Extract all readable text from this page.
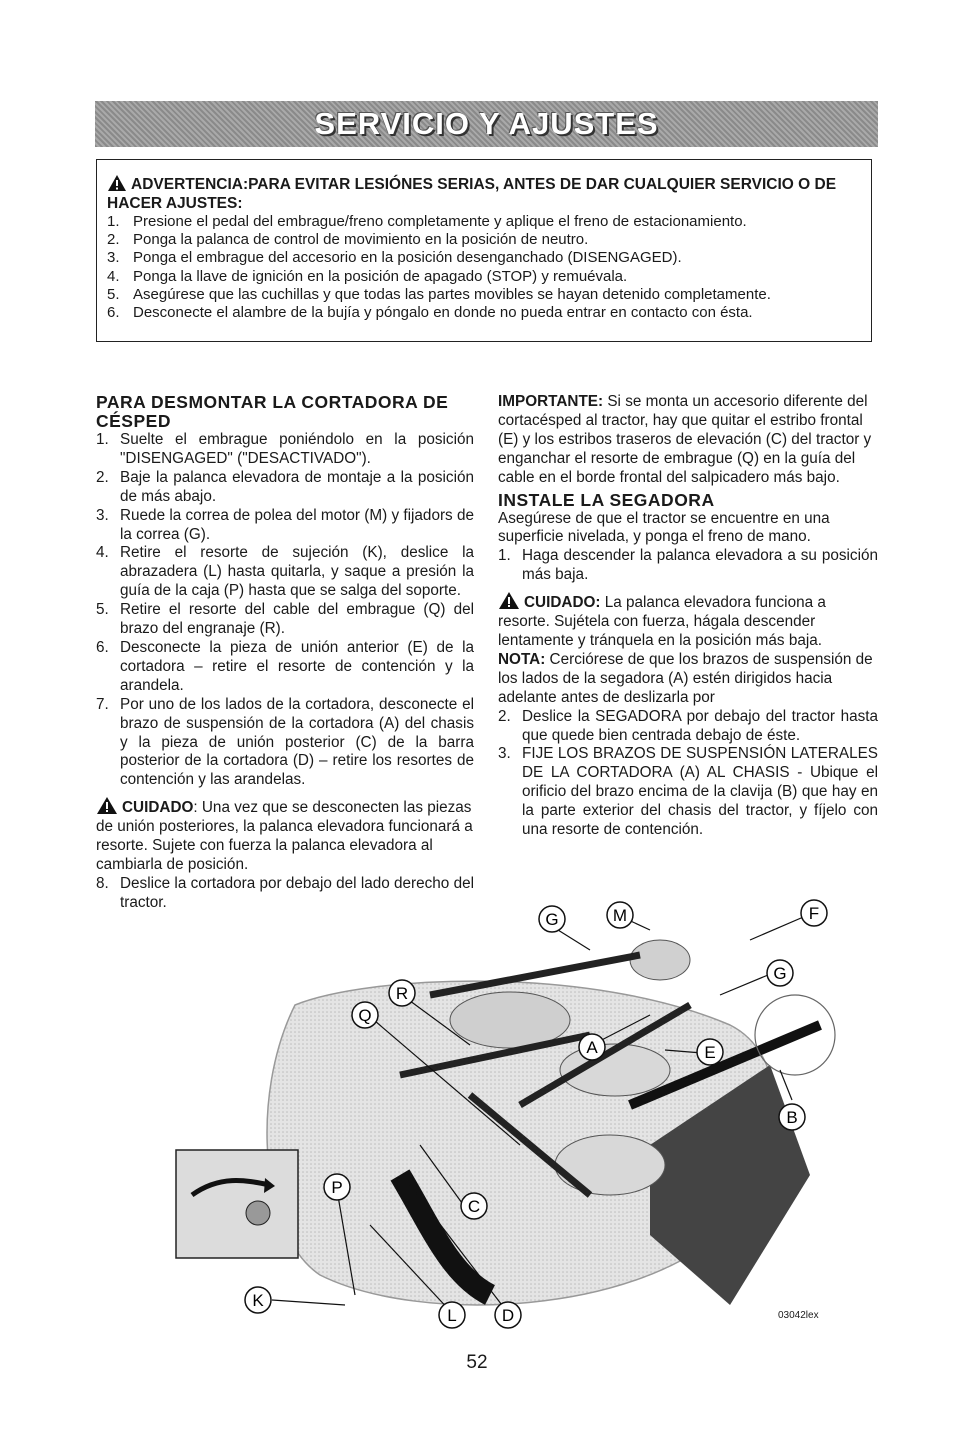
SERVICIO Y AJUSTES
ADVERTENCIA:PARA EVITAR LESIÓNES SERIAS, ANTES DE DAR CUALQUIER SERVICIO O DE HACER AJUSTES:
1. Presione el pedal del embrague/freno completamente y aplique el freno de estacionamiento.
2. Ponga la palanca de control de movimiento en la posición de neutro.
3. Ponga el embrague del accesorio en la posición desenganchado (DISENGAGED).
4. Ponga la llave de ignición en la posición de apagado (STOP) y remuévala.
5. Asegúrese que las cuchillas y que todas las partes movibles se hayan detenido completamente.
6. Desconecte el alambre de la bujía y póngalo en donde no pueda entrar en contacto con ésta.
PARA DESMONTAR LA CORTADORA DE CÉSPED
1. Suelte el embrague poniéndolo en la posición "DISENGAGED" ("DESACTIVADO").
2. Baje la palanca elevadora de montaje a la posición de más abajo.
3. Ruede la correa de polea del motor (M) y fijadors de la correa (G).
4. Retire el resorte de sujeción (K), deslice la abrazadera (L) hasta quitarla, y saque a presión la guía de la caja (P) hasta que se salga del soporte.
5. Retire el resorte del cable del embrague (Q) del brazo del engranaje (R).
6. Desconecte la pieza de unión anterior (E) de la cortadora – retire el resorte de contención y la arandela.
7. Por uno de los lados de la cortadora, desconecte el brazo de suspensión de la cortadora (A) del chasis y la pieza de unión posterior (C) de la barra posterior de la cortadora (D) – retire los resortes de contención y las arandelas.

CUIDADO: Una vez que se desconecten las piezas de unión posteriores, la palanca elevadora funcionará a resorte. Sujete con fuerza la palanca elevadora al cambiarla de posición.

8. Deslice la cortadora por debajo del lado derecho del tractor.

IMPORTANTE: Si se monta un accesorio diferente del cortacésped al tractor, hay que quitar el estribo frontal (E) y los estribos traseros de elevación (C) del tractor y enganchar el resorte de embrague (Q) en la guía del cable en el borde frontal del salpicadero más bajo.

INSTALE LA SEGADORA

Asegúrese de que el tractor se encuentre en una superficie nivelada, y ponga el freno de mano.

1. Haga descender la palanca elevadora a su posición más baja.

CUIDADO: La palanca elevadora funciona a resorte. Sujétela con fuerza, hágala descender lentamente y tránquela en la posición más baja.

NOTA: Cerciórese de que los brazos de suspensión de los lados de la segadora (A) estén dirigidos hacia adelante antes de deslizarla por

2. Deslice la SEGADORA por debajo del tractor hasta que quede bien centrada debajo de éste.
3. FIJE LOS BRAZOS DE SUSPENSIÓN LATERALES DE LA CORTADORA (A) AL CHASIS - Ubique el orificio del brazo encima de la clavija (B) que hay en la parte exterior del chasis del tractor, y fíjelo con una resorte de contención.
G	M	F
G
R
Q
A	E
B
P
C
K
L	D	03042lex
52
